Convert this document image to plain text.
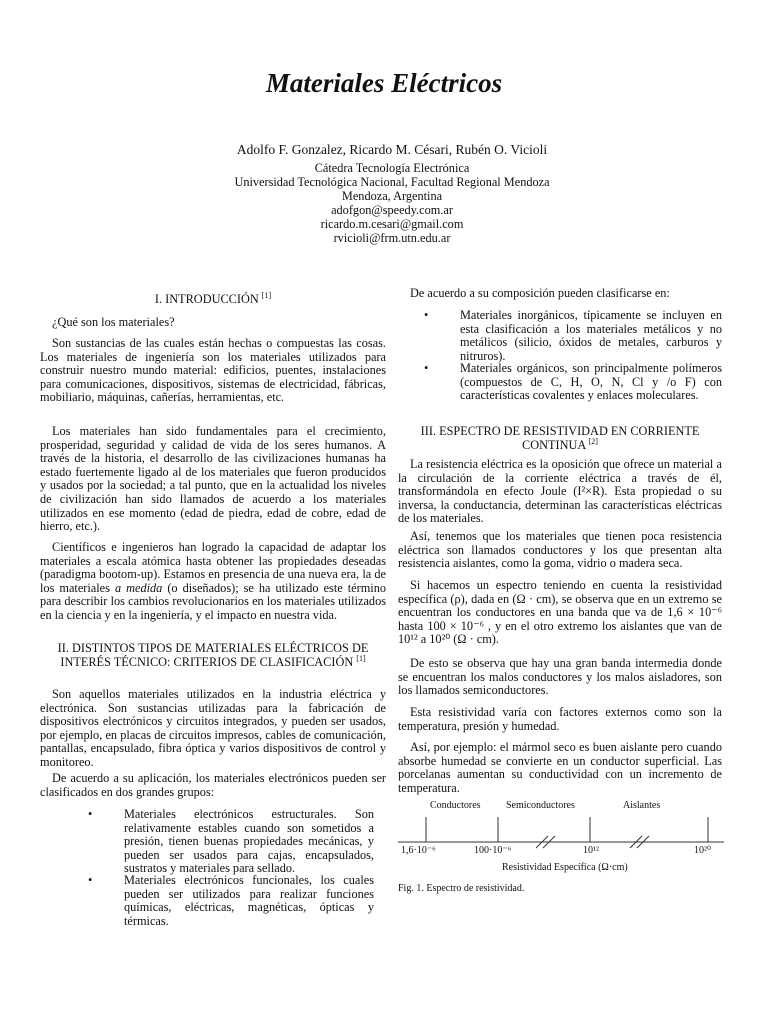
Materiales Eléctricos
Adolfo F. Gonzalez, Ricardo M. Césari, Rubén O. Vicioli
Cátedra Tecnología Electrónica
Universidad Tecnológica Nacional, Facultad Regional Mendoza
Mendoza, Argentina
adofgon@speedy.com.ar
ricardo.m.cesari@gmail.com
rvicioli@frm.utn.edu.ar

I. INTRODUCCIÓN [1]

¿Qué son los materiales?

Son sustancias de las cuales están hechas o compuestas las cosas. Los materiales de ingeniería son los materiales utilizados para construir nuestro mundo material: edificios, puentes, instalaciones para comunicaciones, dispositivos, sistemas de electricidad, fábricas, mobiliario, máquinas, cañerías, herramientas, etc.

Los materiales han sido fundamentales para el crecimiento, prosperidad, seguridad y calidad de vida de los seres humanos. A través de la historia, el desarrollo de las civilizaciones humanas ha estado fuertemente ligado al de los materiales que fueron producidos y usados por la sociedad; a tal punto, que en la actualidad los niveles de civilización han sido llamados de acuerdo a los materiales utilizados en ese momento (edad de piedra, edad de cobre, edad de hierro, etc.).

Científicos e ingenieros han logrado la capacidad de adaptar los materiales a escala atómica hasta obtener las propiedades deseadas (paradigma bootom-up). Estamos en presencia de una nueva era, la de los materiales a medida (o diseñados); se ha utilizado este término para describir los cambios revolucionarios en los materiales utilizados en la ciencia y en la ingeniería, y el impacto en nuestra vida.

II. DISTINTOS TIPOS DE MATERIALES ELÉCTRICOS DE INTERÉS TÉCNICO: CRITERIOS DE CLASIFICACIÓN [1]

Son aquellos materiales utilizados en la industria eléctrica y electrónica. Son sustancias utilizadas para la fabricación de dispositivos electrónicos y circuitos integrados, y pueden ser usados, por ejemplo, en placas de circuitos impresos, cables de comunicación, pantallas, encapsulado, fibra óptica y varios dispositivos de control y monitoreo.

De acuerdo a su aplicación, los materiales electrónicos pueden ser clasificados en dos grandes grupos:

•	Materiales electrónicos estructurales. Son relativamente estables cuando son sometidos a presión, tienen buenas propiedades mecánicas, y pueden ser usados para cajas, encapsulados, sustratos y materiales para sellado.
•	Materiales electrónicos funcionales, los cuales pueden ser utilizados para realizar funciones químicas, eléctricas, magnéticas, ópticas y térmicas.

De acuerdo a su composición pueden clasificarse en:

•	Materiales inorgánicos, típicamente se incluyen en esta clasificación a los materiales metálicos y no metálicos (silicio, óxidos de metales, carburos y nitruros).
•	Materiales orgánicos, son principalmente polímeros (compuestos de C, H, O, N, Cl y /o F) con características covalentes y enlaces moleculares.

III. ESPECTRO DE RESISTIVIDAD EN CORRIENTE CONTINUA [2]

La resistencia eléctrica es la oposición que ofrece un material a la circulación de la corriente eléctrica a través de él, transformándola en efecto Joule (I²×R). Esta propiedad o su inversa, la conductancia, determinan las características eléctricas de los materiales.

Así, tenemos que los materiales que tienen poca resistencia eléctrica son llamados conductores y los que presentan alta resistencia aislantes, como la goma, vidrio o madera seca.

Si hacemos un espectro teniendo en cuenta la resistividad específica (ρ), dada en (Ω · cm), se observa que en un extremo se encuentran los conductores en una banda que va de 1,6 × 10⁻⁶ hasta 100 × 10⁻⁶ , y en el otro extremo los aislantes que van de 10¹² a 10²⁰ (Ω · cm).

De esto se observa que hay una gran banda intermedia donde se encuentran los malos conductores y los malos aisladores, son los llamados semiconductores.

Esta resistividad varía con factores externos como son la temperatura, presión y humedad.

Así, por ejemplo: el mármol seco es buen aislante pero cuando absorbe humedad se convierte en un conductor superficial. Las porcelanas aumentan su conductividad con un incremento de temperatura.

Conductores	Semiconductores	Aislantes
1,6·10⁻⁶	100·10⁻⁶	10¹²	10²⁰
Resistividad Específica (Ω·cm)
Fig. 1. Espectro de resistividad.
